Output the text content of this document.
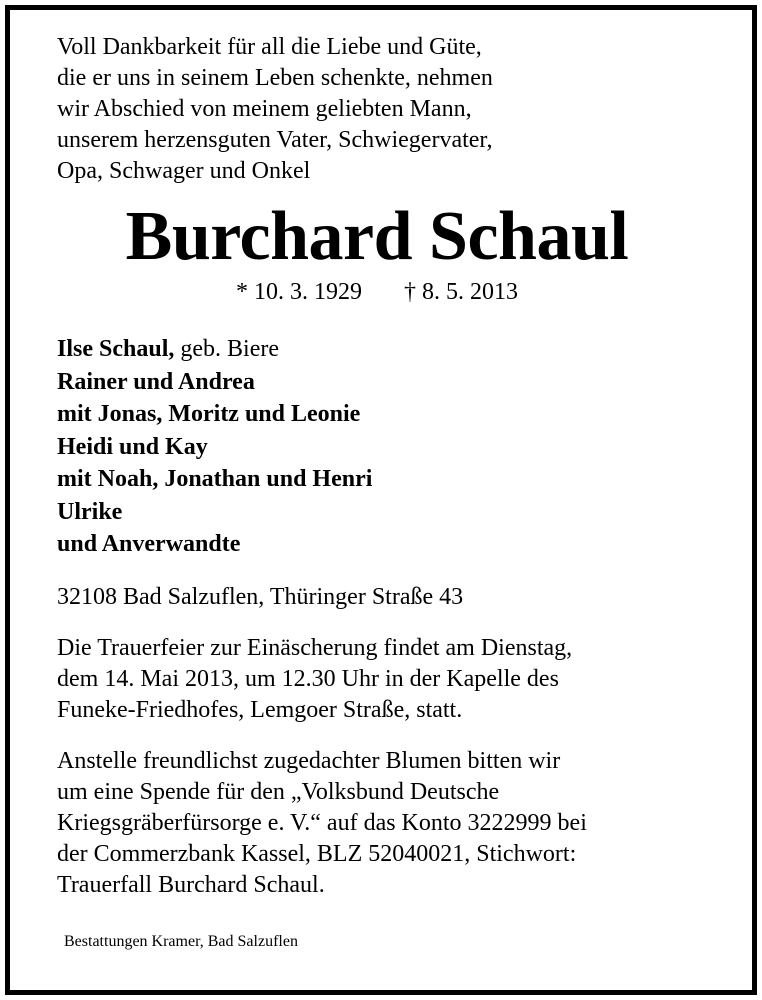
Voll Dankbarkeit für all die Liebe und Güte,
die er uns in seinem Leben schenkte, nehmen
wir Abschied von meinem geliebten Mann,
unserem herzensguten Vater, Schwiegervater,
Opa, Schwager und Onkel

Burchard Schaul
* 10. 3. 1929 † 8. 5. 2013
Ilse Schaul, geb. Biere
Rainer und Andrea
mit Jonas, Moritz und Leonie
Heidi und Kay
mit Noah, Jonathan und Henri
Ulrike
und Anverwandte
32108 Bad Salzuflen, Thüringer Straße 43
Die Trauerfeier zur Einäscherung findet am Dienstag,
dem 14. Mai 2013, um 12.30 Uhr in der Kapelle des
Funeke-Friedhofes, Lemgoer Straße, statt.
Anstelle freundlichst zugedachter Blumen bitten wir
um eine Spende für den „Volksbund Deutsche
Kriegsgräberfürsorge e. V.“ auf das Konto 3222999 bei
der Commerzbank Kassel, BLZ 52040021, Stichwort:
Trauerfall Burchard Schaul.
Bestattungen Kramer, Bad Salzuflen
